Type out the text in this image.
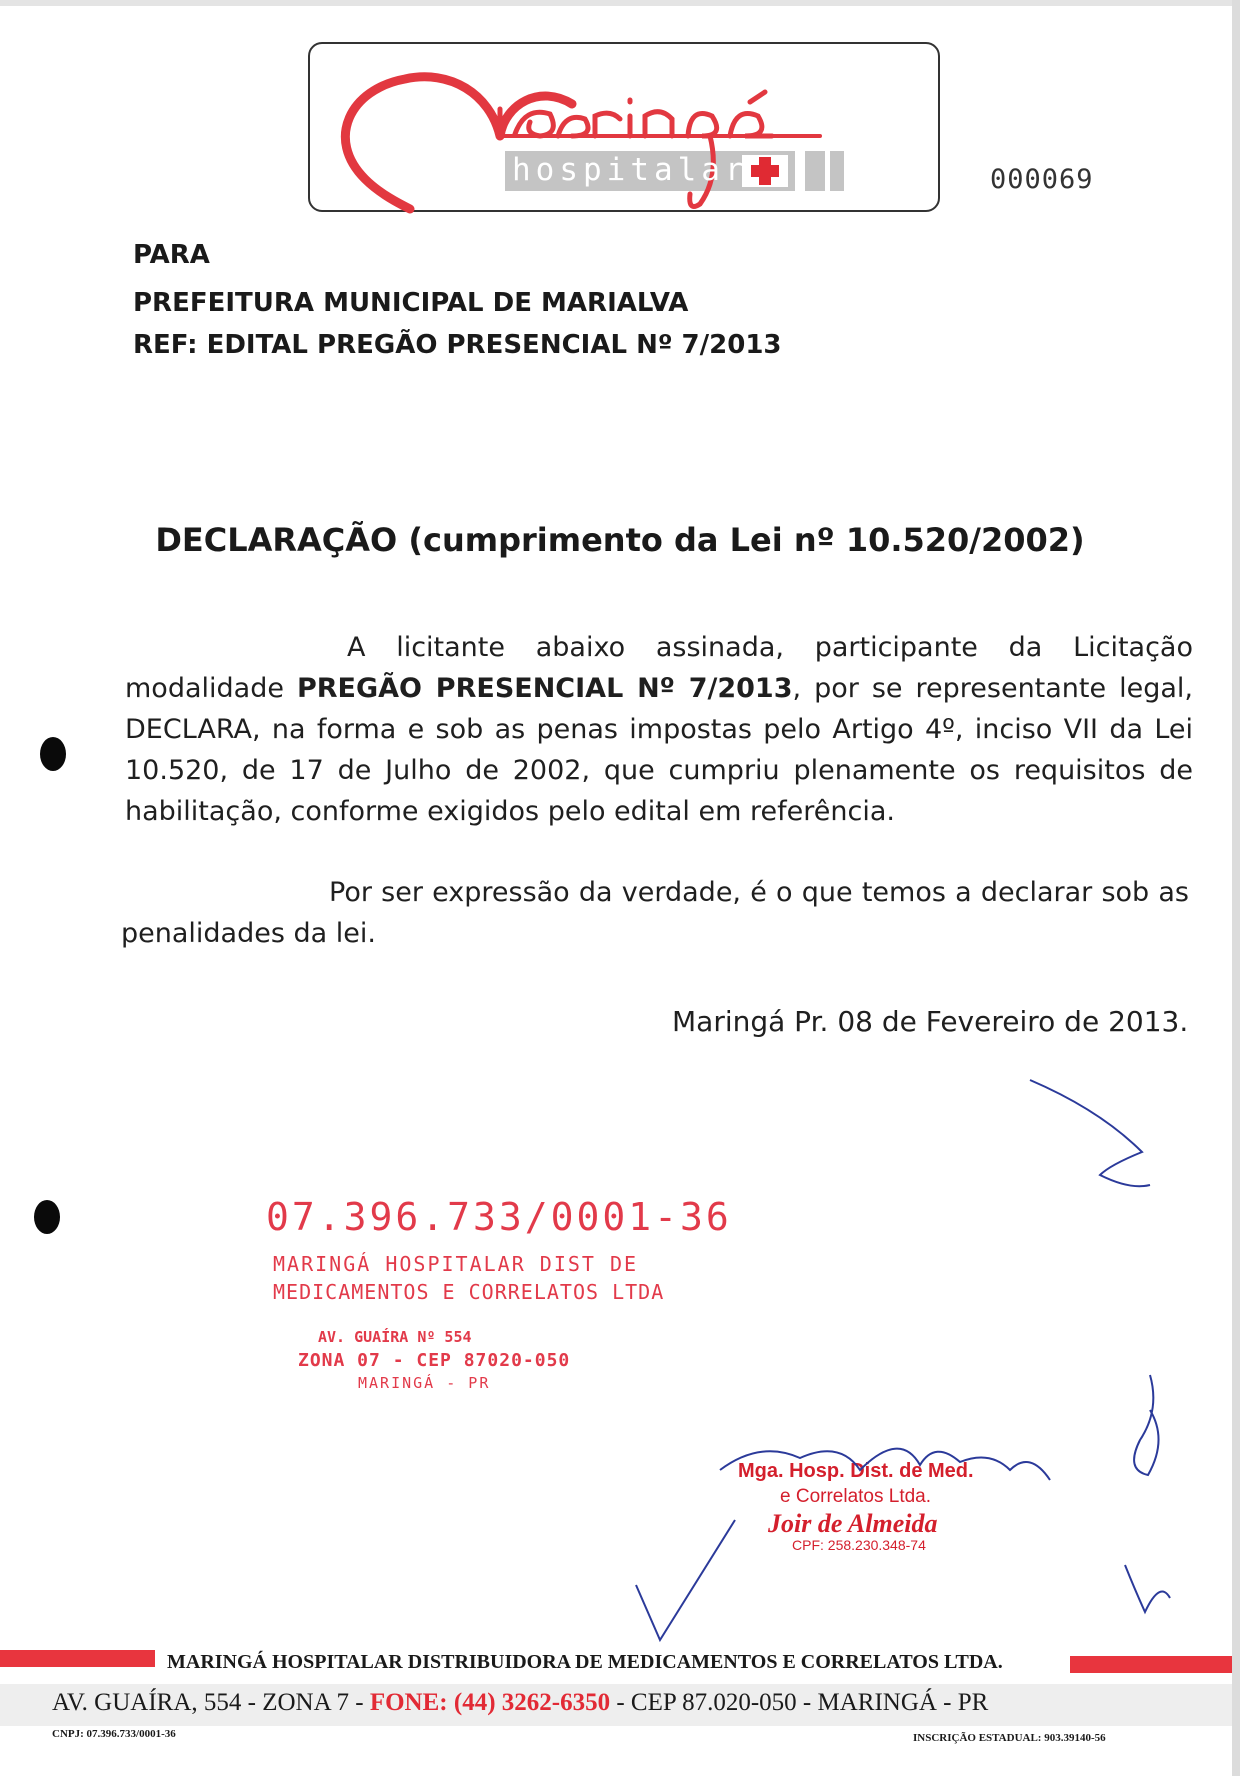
hospitalar	000069
PARA
PREFEITURA MUNICIPAL DE MARIALVA
REF: EDITAL PREGÃO PRESENCIAL Nº 7/2013
DECLARAÇÃO (cumprimento da Lei nº 10.520/2002)
A licitante abaixo assinada, participante da Licitação
modalidade PREGÃO PRESENCIAL Nº 7/2013, por se representante legal,
DECLARA, na forma e sob as penas impostas pelo Artigo 4º, inciso VII da Lei
10.520, de 17 de Julho de 2002, que cumpriu plenamente os requisitos de
habilitação, conforme exigidos pelo edital em referência.
Por ser expressão da verdade, é o que temos a declarar sob as
penalidades da lei.
Maringá Pr. 08 de Fevereiro de 2013.
07.396.733/0001-36
MARINGÁ HOSPITALAR DIST DE
MEDICAMENTOS E CORRELATOS LTDA
AV. GUAÍRA Nº 554
ZONA 07 - CEP 87020-050
MARINGÁ - PR
Mga. Hosp. Dist. de Med.
e Correlatos Ltda.
Joir de Almeida
CPF: 258.230.348-74
MARINGÁ HOSPITALAR DISTRIBUIDORA DE MEDICAMENTOS E CORRELATOS LTDA.
AV. GUAÍRA, 554 - ZONA 7 - FONE: (44) 3262-6350 - CEP 87.020-050 - MARINGÁ - PR
CNPJ: 07.396.733/0001-36	INSCRIÇÃO ESTADUAL: 903.39140-56
